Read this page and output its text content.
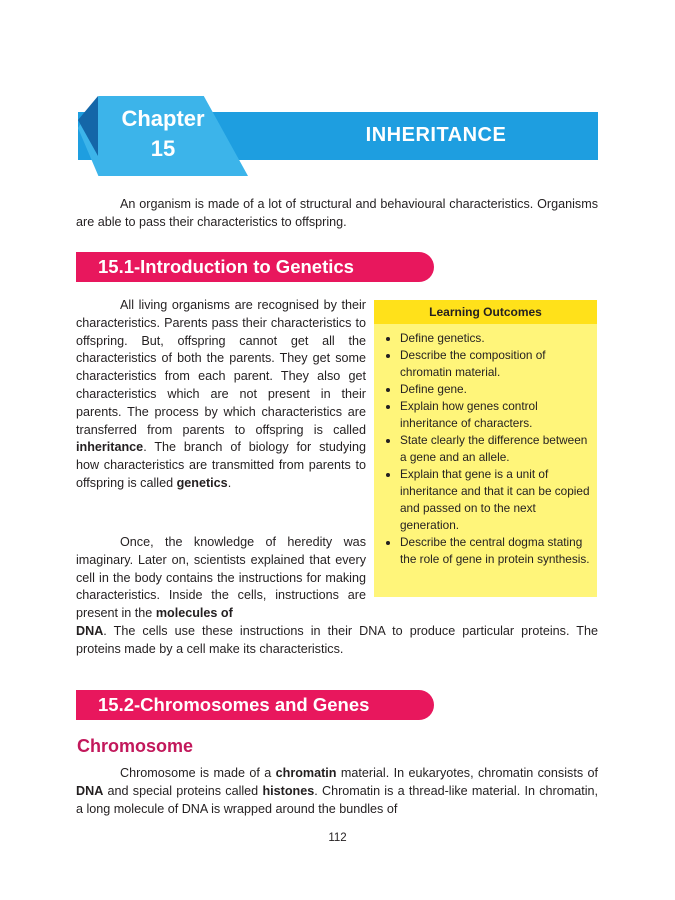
Chapter
15
INHERITANCE

An organism is made of a lot of structural and behavioural characteristics. Organisms are able to pass their characteristics to offspring.

15.1-Introduction to Genetics

All living organisms are recognised by their characteristics. Parents pass their characteristics to offspring. But, offspring cannot get all the characteristics of both the parents. They get some characteristics from each parent. They also get characteristics which are not present in their parents. The process by which characteristics are transferred from parents to offspring is called inheritance. The branch of biology for studying how characteristics are transmitted from parents to offspring is called genetics.

Once, the knowledge of heredity was imaginary. Later on, scientists explained that every cell in the body contains the instructions for making characteristics. Inside the cells, instructions are present in the molecules of

DNA. The cells use these instructions in their DNA to produce particular proteins. The proteins made by a cell make its characteristics.

Learning Outcomes
• Define genetics.
• Describe the composition of chromatin material.
• Define gene.
• Explain how genes control inheritance of characters.
• State clearly the difference between a gene and an allele.
• Explain that gene is a unit of inheritance and that it can be copied and passed on to the next generation.
• Describe the central dogma stating the role of gene in protein synthesis.
15.2-Chromosomes and Genes
Chromosome

Chromosome is made of a chromatin material. In eukaryotes, chromatin consists of DNA and special proteins called histones. Chromatin is a thread-like material. In chromatin, a long molecule of DNA is wrapped around the bundles of

112
